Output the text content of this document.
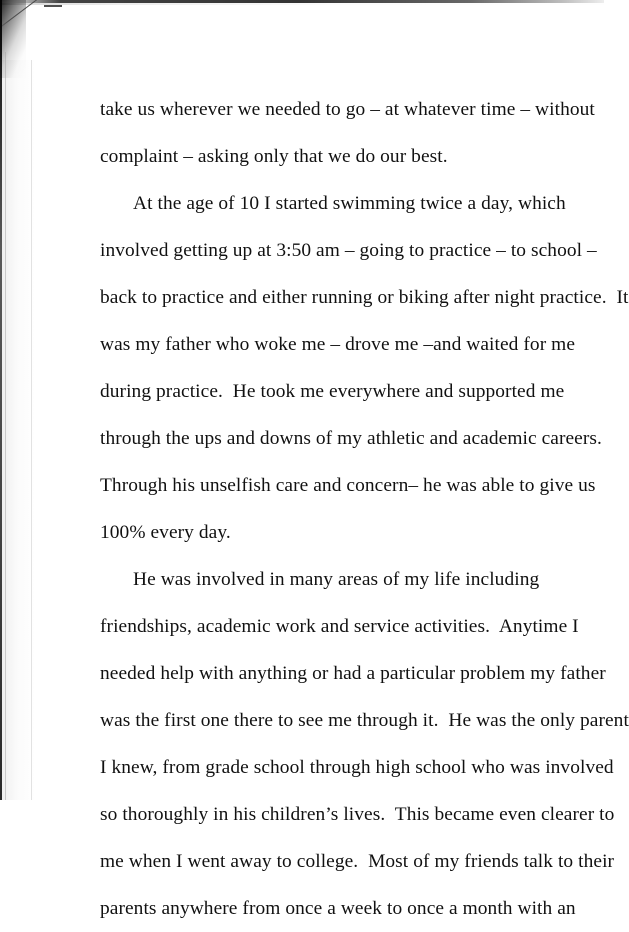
take us wherever we needed to go – at whatever time – without
complaint – asking only that we do our best.
At the age of 10 I started swimming twice a day, which
involved getting up at 3:50 am – going to practice – to school –
back to practice and either running or biking after night practice.  It
was my father who woke me – drove me –and waited for me
during practice.  He took me everywhere and supported me
through the ups and downs of my athletic and academic careers.
Through his unselfish care and concern– he was able to give us
100% every day.
He was involved in many areas of my life including
friendships, academic work and service activities.  Anytime I
needed help with anything or had a particular problem my father
was the first one there to see me through it.  He was the only parent
I knew, from grade school through high school who was involved
so thoroughly in his children’s lives.  This became even clearer to
me when I went away to college.  Most of my friends talk to their
parents anywhere from once a week to once a month with an
